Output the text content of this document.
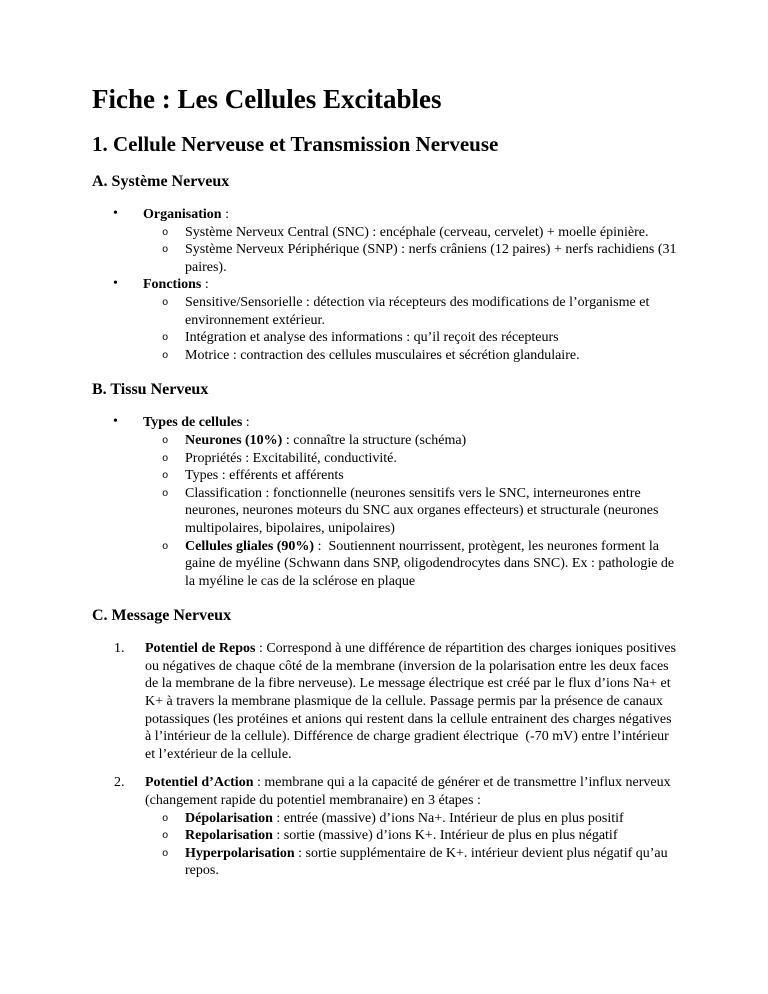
Fiche : Les Cellules Excitables
1. Cellule Nerveuse et Transmission Nerveuse
A. Système Nerveux
• Organisation :
o Système Nerveux Central (SNC) : encéphale (cerveau, cervelet) + moelle épinière.
o Système Nerveux Périphérique (SNP) : nerfs crâniens (12 paires) + nerfs rachidiens (31 paires).
• Fonctions :
o Sensitive/Sensorielle : détection via récepteurs des modifications de l’organisme et environnement extérieur.
o Intégration et analyse des informations : qu’il reçoit des récepteurs
o Motrice : contraction des cellules musculaires et sécrétion glandulaire.
B. Tissu Nerveux
• Types de cellules :
o Neurones (10%) : connaître la structure (schéma)
o Propriétés : Excitabilité, conductivité.
o Types : efférents et afférents
o Classification : fonctionnelle (neurones sensitifs vers le SNC, interneurones entre neurones, neurones moteurs du SNC aux organes effecteurs) et structurale (neurones multipolaires, bipolaires, unipolaires)
o Cellules gliales (90%) :  Soutiennent nourrissent, protègent, les neurones forment la gaine de myéline (Schwann dans SNP, oligodendrocytes dans SNC). Ex : pathologie de la myéline le cas de la sclérose en plaque
C. Message Nerveux
1. Potentiel de Repos : Correspond à une différence de répartition des charges ioniques positives ou négatives de chaque côté de la membrane (inversion de la polarisation entre les deux faces de la membrane de la fibre nerveuse). Le message électrique est créé par le flux d’ions Na+ et K+ à travers la membrane plasmique de la cellule. Passage permis par la présence de canaux potassiques (les protéines et anions qui restent dans la cellule entrainent des charges négatives  à l’intérieur de la cellule). Différence de charge gradient électrique  (-70 mV) entre l’intérieur et l’extérieur de la cellule.
2. Potentiel d’Action : membrane qui a la capacité de générer et de transmettre l’influx nerveux (changement rapide du potentiel membranaire) en 3 étapes :
o Dépolarisation : entrée (massive) d’ions Na+. Intérieur de plus en plus positif
o Repolarisation : sortie (massive) d’ions K+. Intérieur de plus en plus négatif
o Hyperpolarisation : sortie supplémentaire de K+. intérieur devient plus négatif qu’au repos.
